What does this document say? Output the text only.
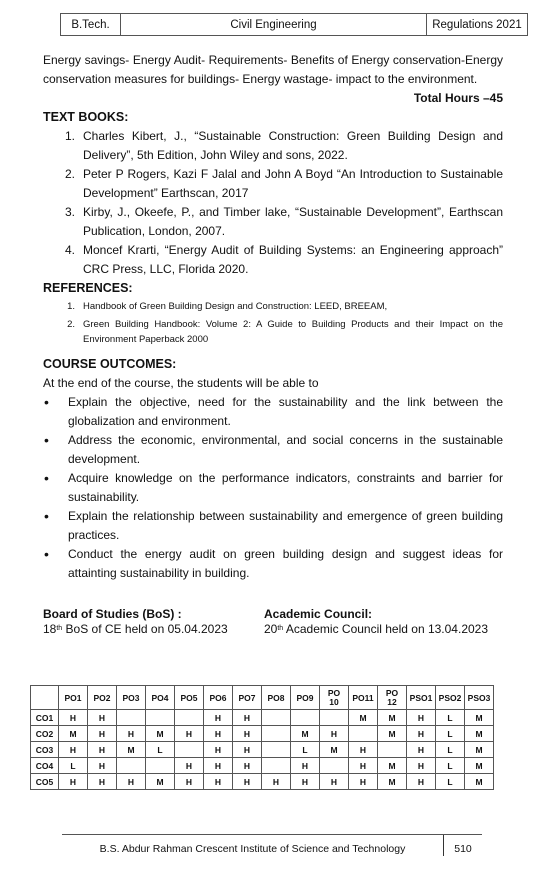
B.Tech.	Civil Engineering	Regulations 2021

Energy savings- Energy Audit- Requirements- Benefits of Energy conservation-Energy conservation measures for buildings- Energy wastage- impact to the environment.

Total Hours –45

TEXT BOOKS:

1. Charles Kibert, J., “Sustainable Construction: Green Building Design and Delivery”, 5th Edition, John Wiley and sons, 2022.
2. Peter P Rogers, Kazi F Jalal and John A Boyd “An Introduction to Sustainable Development” Earthscan, 2017
3. Kirby, J., Okeefe, P., and Timber lake, “Sustainable Development”, Earthscan Publication, London, 2007.
4. Moncef Krarti, “Energy Audit of Building Systems: an Engineering approach” CRC Press, LLC, Florida 2020.

REFERENCES:

1. Handbook of Green Building Design and Construction: LEED, BREEAM,
2. Green Building Handbook: Volume 2: A Guide to Building Products and their Impact on the Environment Paperback 2000

COURSE OUTCOMES:

At the end of the course, the students will be able to

•	Explain the objective, need for the sustainability and the link between the globalization and environment.
•	Address the economic, environmental, and social concerns in the sustainable development.
•	Acquire knowledge on the performance indicators, constraints and barrier for sustainability.
•	Explain the relationship between sustainability and emergence of green building practices.
•	Conduct the energy audit on green building design and suggest ideas for attainting sustainability in building.
Board of Studies (BoS) :
18th BoS of CE held on 05.04.2023
Academic Council:
20th Academic Council held on 13.04.2023
	PO1	PO2	PO3	PO4	PO5	PO6	PO7	PO8	PO9	PO
10	PO11	PO
12	PSO1	PSO2	PSO3
CO1	H	H				H	H				M	M	H	L	M
CO2	M	H	H	M	H	H	H		M	H		M	H	L	M
CO3	H	H	M	L		H	H		L	M	H		H	L	M
CO4	L	H			H	H	H		H		H	M	H	L	M
CO5	H	H	H	M	H	H	H	H	H	H	H	M	H	L	M
B.S. Abdur Rahman Crescent Institute of Science and Technology	510
